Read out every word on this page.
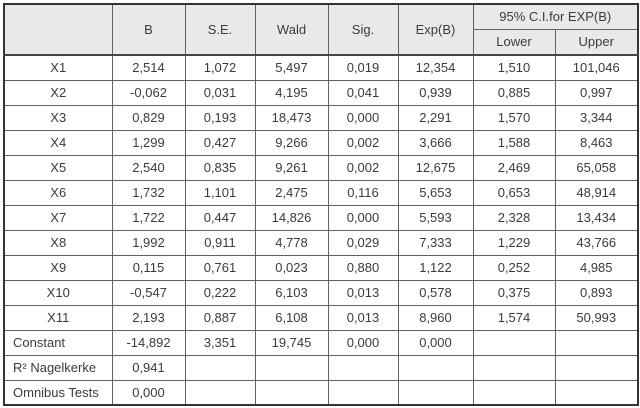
	B	S.E.	Wald	Sig.	Exp(B)	95% C.I.for EXP(B)	
						Lower	Upper
X1	2,514	1,072	5,497	0,019	12,354	1,510	101,046
X2	-0,062	0,031	4,195	0,041	0,939	0,885	0,997
X3	0,829	0,193	18,473	0,000	2,291	1,570	3,344
X4	1,299	0,427	9,266	0,002	3,666	1,588	8,463
X5	2,540	0,835	9,261	0,002	12,675	2,469	65,058
X6	1,732	1,101	2,475	0,116	5,653	0,653	48,914
X7	1,722	0,447	14,826	0,000	5,593	2,328	13,434
X8	1,992	0,911	4,778	0,029	7,333	1,229	43,766
X9	0,115	0,761	0,023	0,880	1,122	0,252	4,985
X10	-0,547	0,222	6,103	0,013	0,578	0,375	0,893
X11	2,193	0,887	6,108	0,013	8,960	1,574	50,993
Constant	-14,892	3,351	19,745	0,000	0,000		
R² Nagelkerke	0,941						
Omnibus Tests	0,000						
